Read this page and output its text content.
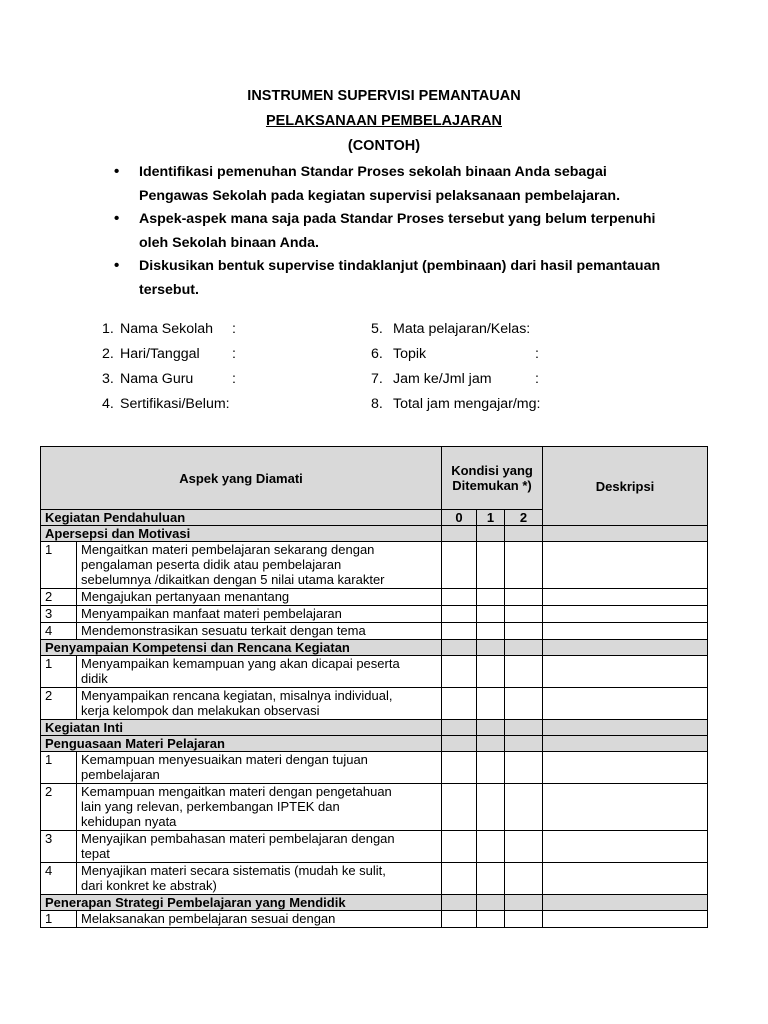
INSTRUMEN SUPERVISI PEMANTAUAN
PELAKSANAAN PEMBELAJARAN
(CONTOH)
• Identifikasi pemenuhan Standar Proses sekolah binaan Anda sebagai Pengawas Sekolah pada kegiatan supervisi pelaksanaan pembelajaran.
• Aspek-aspek mana saja pada Standar Proses tersebut yang belum terpenuhi oleh Sekolah binaan Anda.
• Diskusikan bentuk supervise tindaklanjut (pembinaan) dari hasil pemantauan tersebut.
1. Nama Sekolah :
2. Hari/Tanggal :
3. Nama Guru	:
4. Sertifikasi/Belum:
5. Mata pelajaran/Kelas:
6. Topik	:
7. Jam ke/Jml jam	:
8. Total jam mengajar/mg:
Aspek yang Diamati		Kondisi yang Ditemukan *)			Deskripsi
Kegiatan Pendahuluan		0	1	2	
Apersepsi dan Motivasi					
1	Mengaitkan materi pembelajaran sekarang dengan
pengalaman peserta didik atau pembelajaran
sebelumnya /dikaitkan dengan 5 nilai utama karakter				
2	Mengajukan pertanyaan menantang				
3	Menyampaikan manfaat materi pembelajaran				
4	Mendemonstrasikan sesuatu terkait dengan tema				
Penyampaian Kompetensi dan Rencana Kegiatan					
1	Menyampaikan kemampuan yang akan dicapai peserta
didik				
2	Menyampaikan rencana kegiatan, misalnya individual,
kerja kelompok dan melakukan observasi				
Kegiatan Inti					
Penguasaan Materi Pelajaran					
1	Kemampuan menyesuaikan materi dengan tujuan
pembelajaran				
2	Kemampuan mengaitkan materi dengan pengetahuan
lain yang relevan, perkembangan IPTEK dan
kehidupan nyata				
3	Menyajikan pembahasan materi pembelajaran dengan
tepat				
4	Menyajikan materi secara sistematis (mudah ke sulit,
dari konkret ke abstrak)				
Penerapan Strategi Pembelajaran yang Mendidik					
1	Melaksanakan pembelajaran sesuai dengan				
